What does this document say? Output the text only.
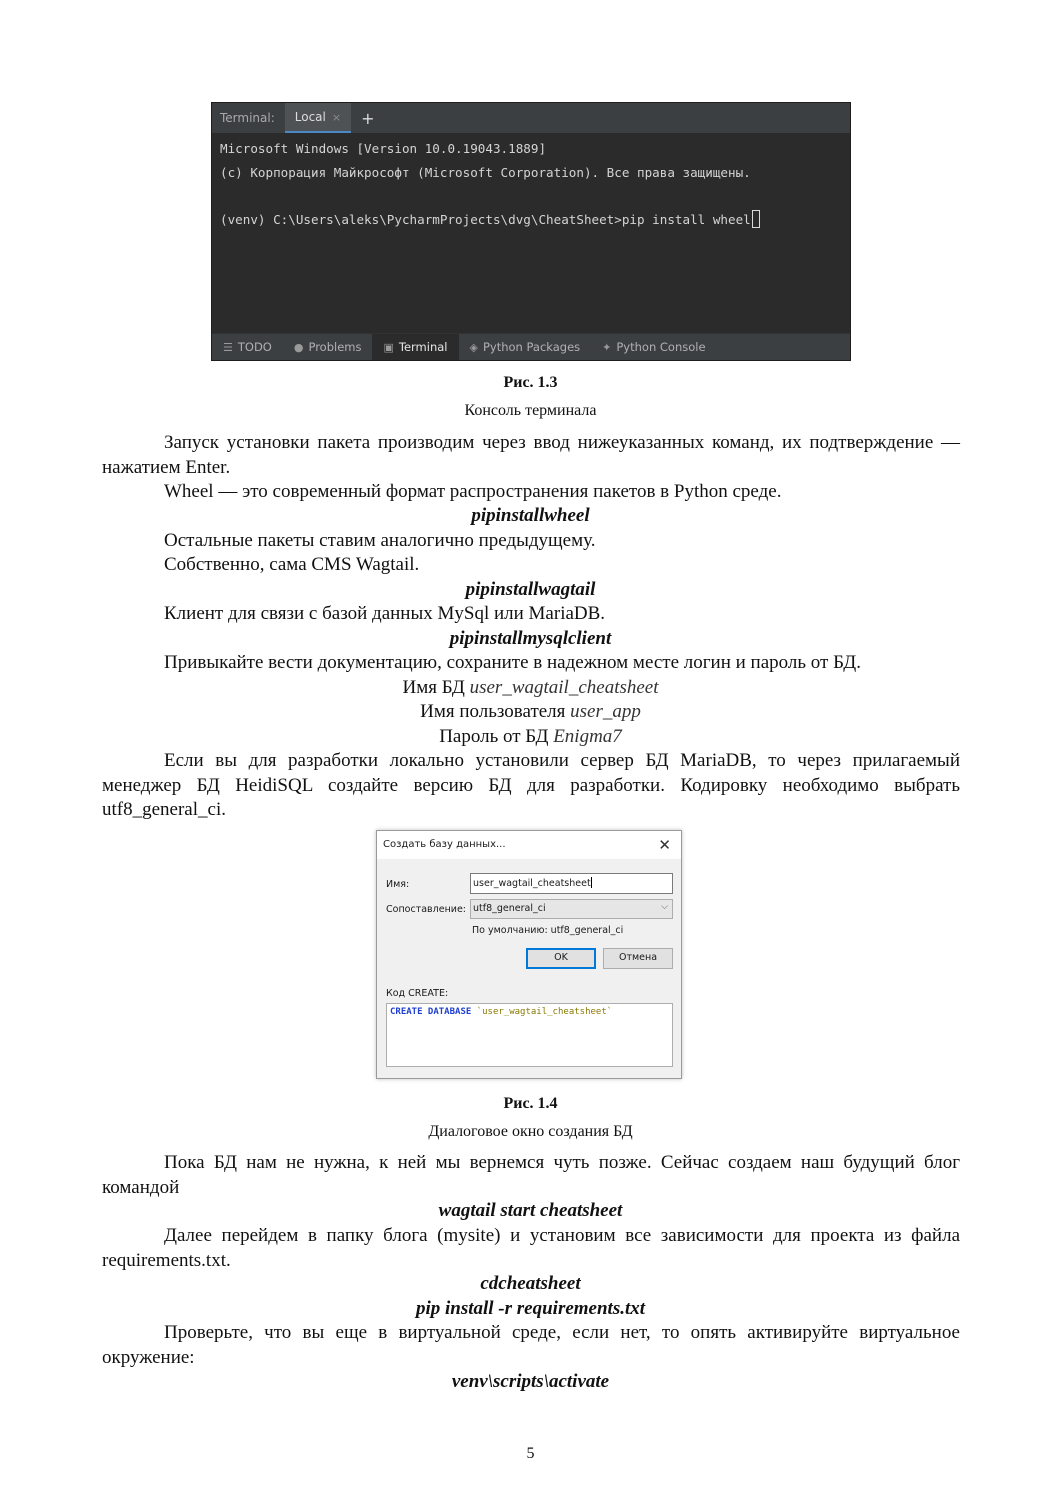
Terminal:	Local × +
Microsoft Windows [Version 10.0.19043.1889]
(c) Корпорация Майкрософт (Microsoft Corporation). Все права защищены.

(venv) C:\Users\aleks\PycharmProjects\dvg\CheatSheet>pip install wheel
☰ TODO ● Problems ▣ Terminal ◈ Python Packages ✦ Python Console
Рис. 1.3
Консоль терминала

Запуск установки пакета производим через ввод нижеуказанных команд, их подтверждение — нажатием Enter.

Wheel — это современный формат распространения пакетов в Python среде.

pipinstallwheel

Остальные пакеты ставим аналогично предыдущему.

Собственно, сама CMS Wagtail.

pipinstallwagtail

Клиент для связи с базой данных MySql или MariaDB.

pipinstallmysqlclient

Привыкайте вести документацию, сохраните в надежном месте логин и пароль от БД.

Имя БД user_wagtail_cheatsheet
Имя пользователя user_app
Пароль от БД Enigma7

Если вы для разработки локально установили сервер БД MariaDB, то через прилагаемый менеджер БД HeidiSQL создайте версию БД для разработки. Кодировку необходимо выбрать utf8_general_ci.

Создать базу данных...	✕
Имя:	user_wagtail_cheatsheet
Сопоставление: utf8_general_ci	⌵
По умолчанию: utf8_general_ci
OK	Отмена
Код CREATE:
CREATE DATABASE `user_wagtail_cheatsheet`
Рис. 1.4
Диалоговое окно создания БД

Пока БД нам не нужна, к ней мы вернемся чуть позже. Сейчас создаем наш будущий блог командой

wagtail start cheatsheet

Далее перейдем в папку блога (mysite) и установим все зависимости для проекта из файла requirements.txt.

cdcheatsheet
pip install -r requirements.txt

Проверьте, что вы еще в виртуальной среде, если нет, то опять активируйте виртуальное окружение:

venv\scripts\activate
5
